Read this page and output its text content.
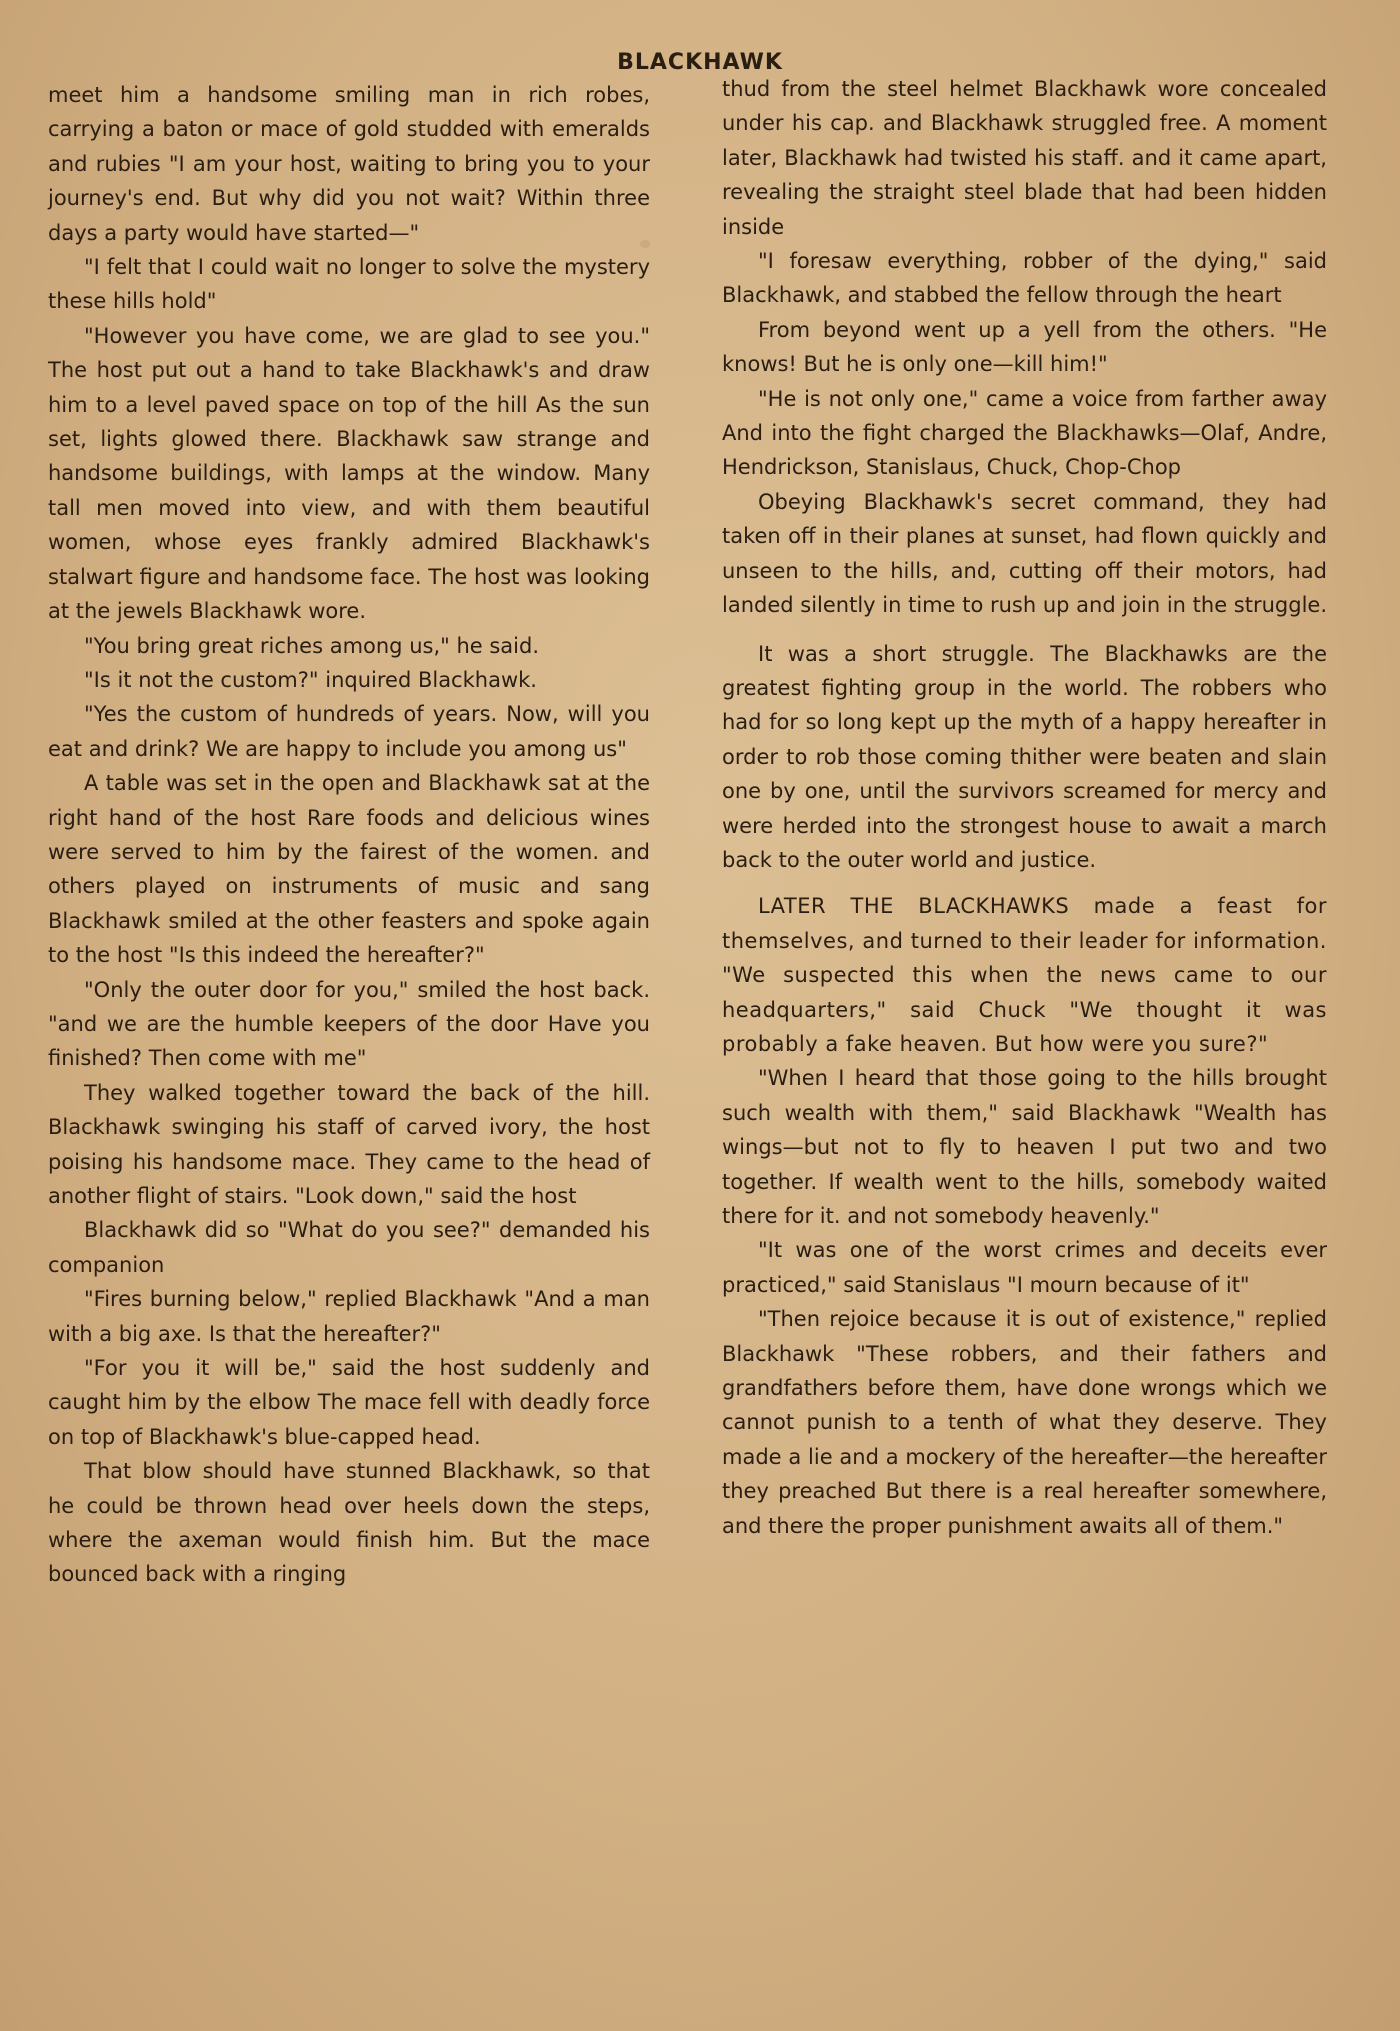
BLACKHAWK

meet him a handsome smiling man in rich robes, carrying a baton or mace of gold studded with emeralds and rubies "I am your host, waiting to bring you to your journey's end. But why did you not wait? Within three days a party would have started—"

"I felt that I could wait no longer to solve the mystery these hills hold"

"However you have come, we are glad to see you." The host put out a hand to take Blackhawk's and draw him to a level paved space on top of the hill As the sun set, lights glowed there. Blackhawk saw strange and handsome buildings, with lamps at the window. Many tall men moved into view, and with them beautiful women, whose eyes frankly admired Blackhawk's stalwart figure and handsome face. The host was looking at the jewels Blackhawk wore.

"You bring great riches among us," he said.

"Is it not the custom?" inquired Blackhawk.

"Yes the custom of hundreds of years. Now, will you eat and drink? We are happy to include you among us"

A table was set in the open and Blackhawk sat at the right hand of the host Rare foods and delicious wines were served to him by the fairest of the women. and others played on instruments of music and sang Blackhawk smiled at the other feasters and spoke again to the host "Is this indeed the hereafter?"

"Only the outer door for you," smiled the host back. "and we are the humble keepers of the door Have you finished? Then come with me"

They walked together toward the back of the hill. Blackhawk swinging his staff of carved ivory, the host poising his handsome mace. They came to the head of another flight of stairs. "Look down," said the host

Blackhawk did so "What do you see?" demanded his companion

"Fires burning below," replied Blackhawk "And a man with a big axe. Is that the hereafter?"

"For you it will be," said the host suddenly and caught him by the elbow The mace fell with deadly force on top of Blackhawk's blue-capped head.

That blow should have stunned Blackhawk, so that he could be thrown head over heels down the steps, where the axeman would finish him. But the mace bounced back with a ringing

thud from the steel helmet Blackhawk wore concealed under his cap. and Blackhawk struggled free. A moment later, Blackhawk had twisted his staff. and it came apart, revealing the straight steel blade that had been hidden inside

"I foresaw everything, robber of the dying," said Blackhawk, and stabbed the fellow through the heart

From beyond went up a yell from the others. "He knows! But he is only one—kill him!"

"He is not only one," came a voice from farther away And into the fight charged the Blackhawks—Olaf, Andre, Hendrickson, Stanislaus, Chuck, Chop-Chop

Obeying Blackhawk's secret command, they had taken off in their planes at sunset, had flown quickly and unseen to the hills, and, cutting off their motors, had landed silently in time to rush up and join in the struggle.

It was a short struggle. The Blackhawks are the greatest fighting group in the world. The robbers who had for so long kept up the myth of a happy hereafter in order to rob those coming thither were beaten and slain one by one, until the survivors screamed for mercy and were herded into the strongest house to await a march back to the outer world and justice.

LATER THE BLACKHAWKS made a feast for themselves, and turned to their leader for information. "We suspected this when the news came to our headquarters," said Chuck "We thought it was probably a fake heaven. But how were you sure?"

"When I heard that those going to the hills brought such wealth with them," said Blackhawk "Wealth has wings—but not to fly to heaven I put two and two together. If wealth went to the hills, somebody waited there for it. and not somebody heavenly."

"It was one of the worst crimes and deceits ever practiced," said Stanislaus "I mourn because of it"

"Then rejoice because it is out of existence," replied Blackhawk "These robbers, and their fathers and grandfathers before them, have done wrongs which we cannot punish to a tenth of what they deserve. They made a lie and a mockery of the hereafter—the hereafter they preached But there is a real hereafter somewhere, and there the proper punishment awaits all of them."
